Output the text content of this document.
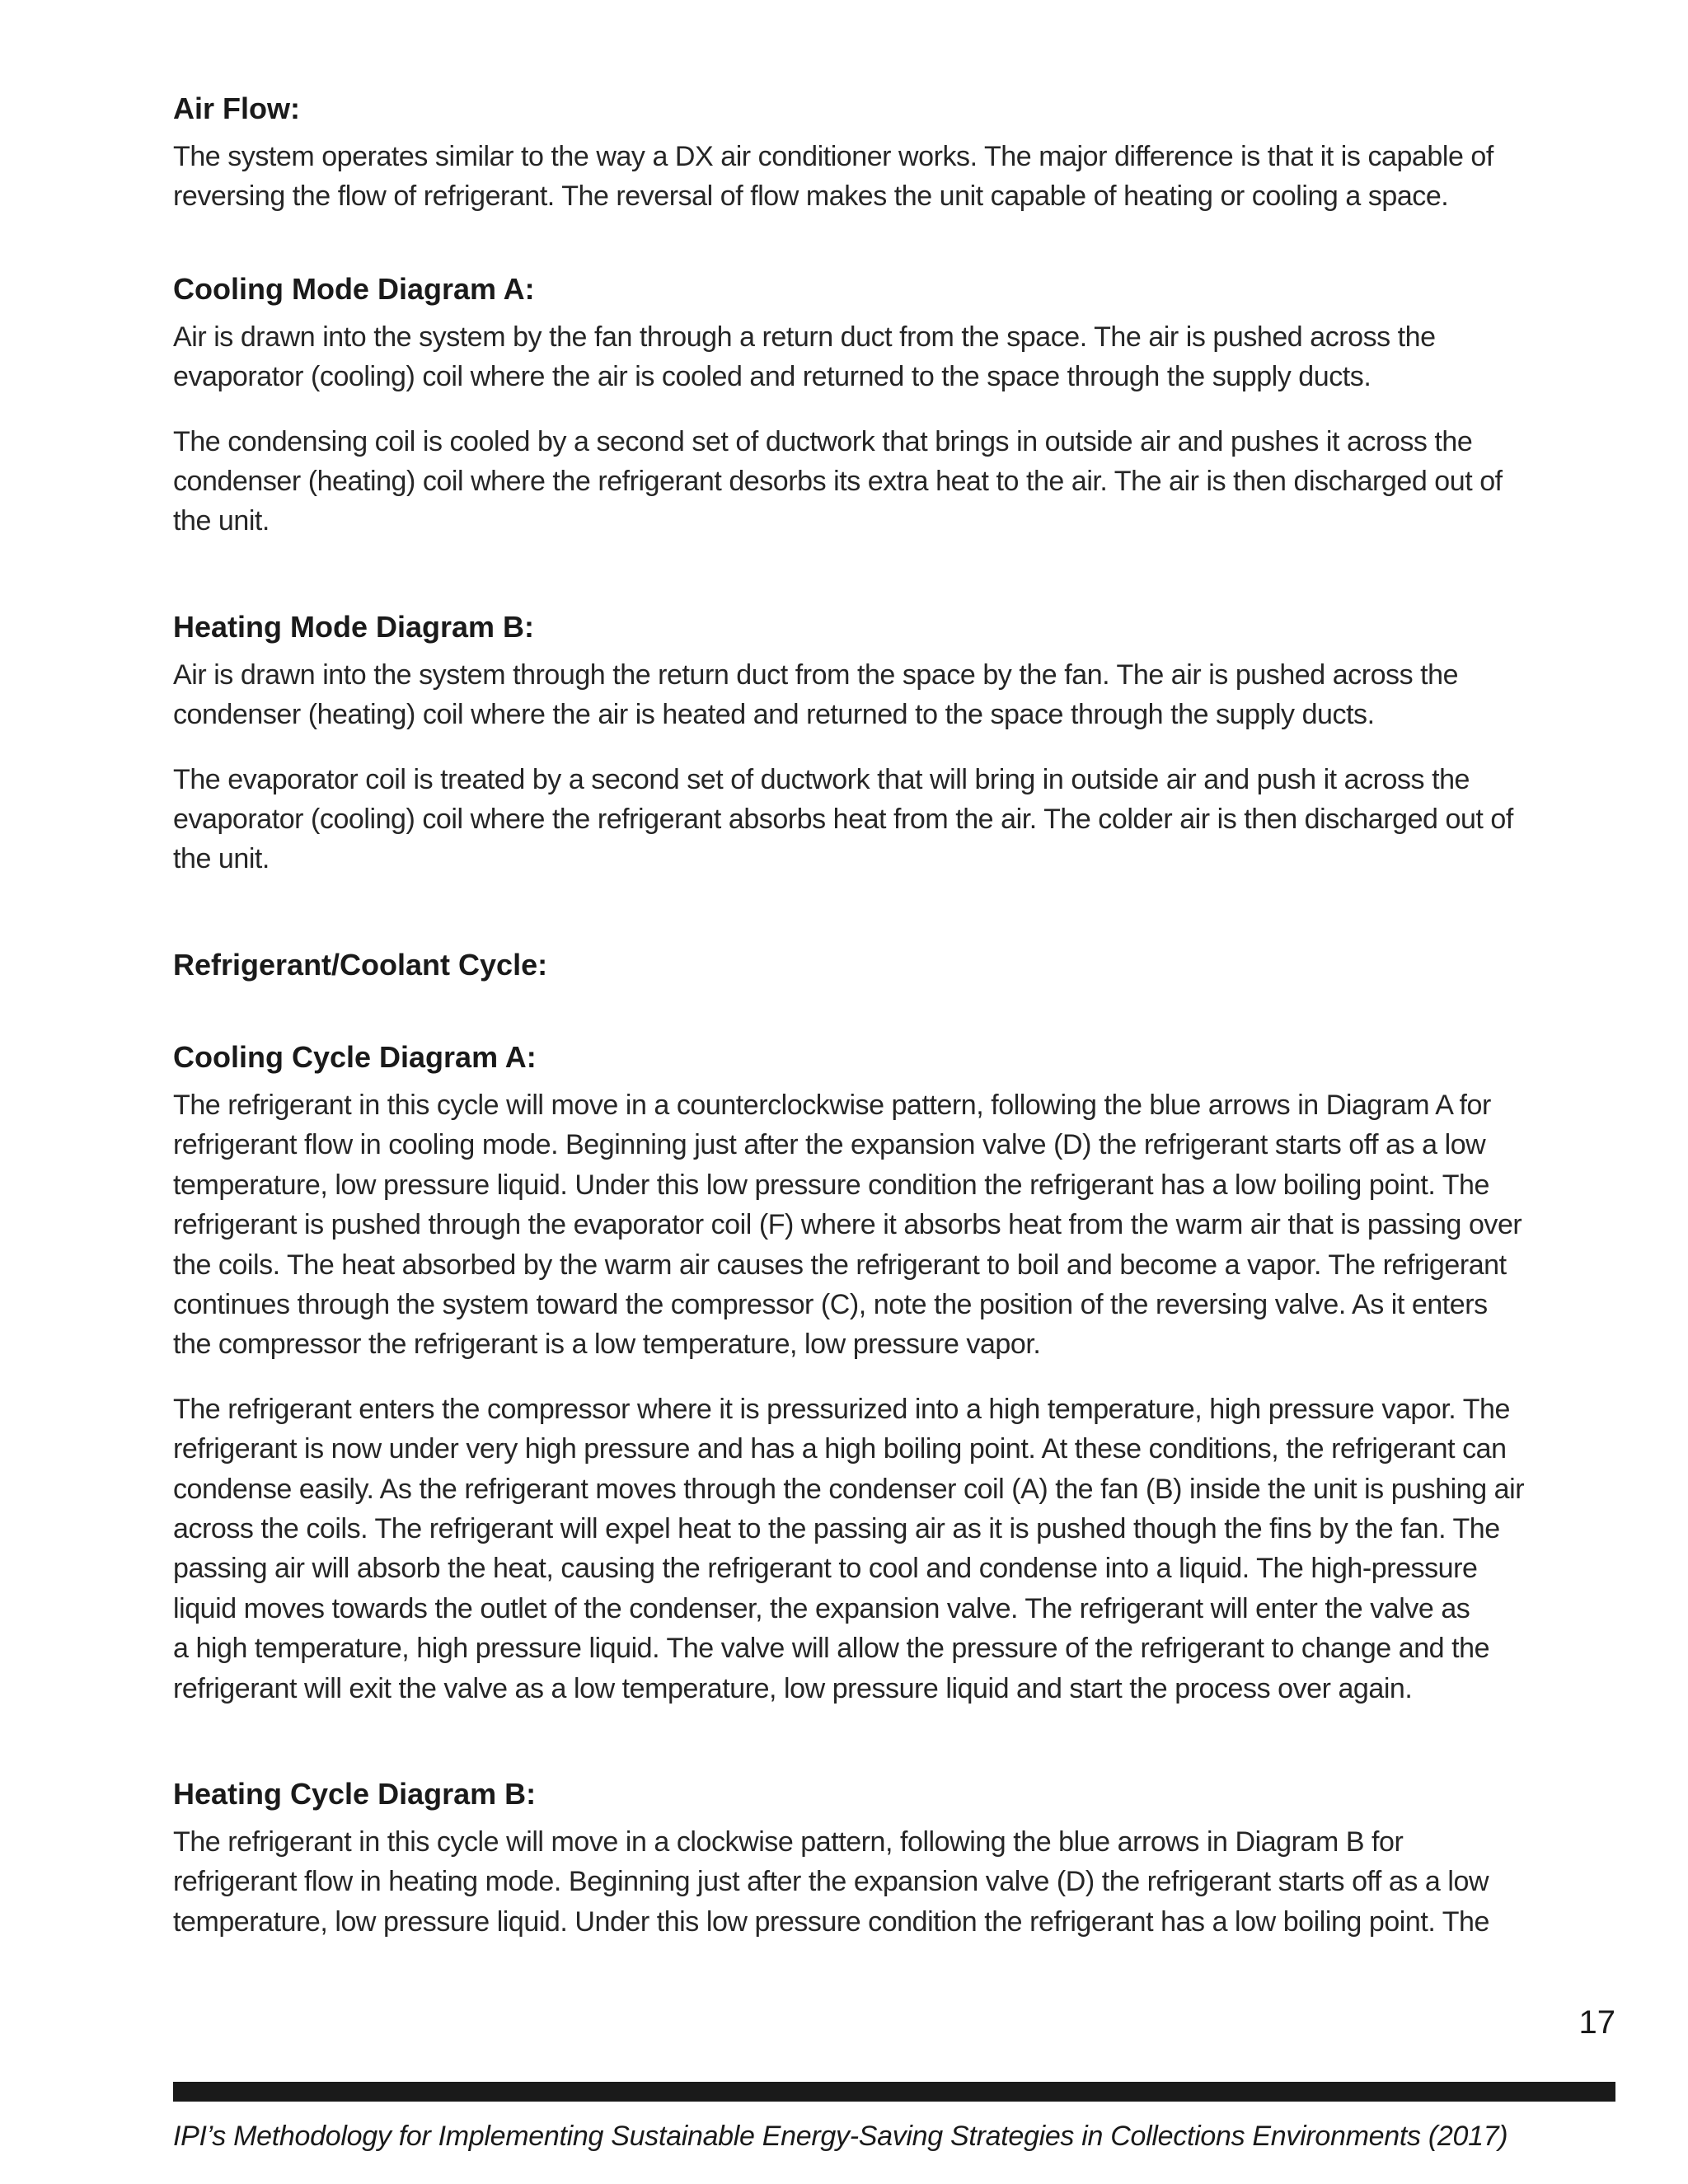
Air Flow:

The system operates similar to the way a DX air conditioner works. The major difference is that it is capable of
reversing the flow of refrigerant. The reversal of flow makes the unit capable of heating or cooling a space.

Cooling Mode Diagram A:

Air is drawn into the system by the fan through a return duct from the space. The air is pushed across the
evaporator (cooling) coil where the air is cooled and returned to the space through the supply ducts.

The condensing coil is cooled by a second set of ductwork that brings in outside air and pushes it across the
condenser (heating) coil where the refrigerant desorbs its extra heat to the air. The air is then discharged out of
the unit.

Heating Mode Diagram B:

Air is drawn into the system through the return duct from the space by the fan. The air is pushed across the
condenser (heating) coil where the air is heated and returned to the space through the supply ducts.

The evaporator coil is treated by a second set of ductwork that will bring in outside air and push it across the
evaporator (cooling) coil where the refrigerant absorbs heat from the air. The colder air is then discharged out of
the unit.

Refrigerant/Coolant Cycle:
Cooling Cycle Diagram A:

The refrigerant in this cycle will move in a counterclockwise pattern, following the blue arrows in Diagram A for
refrigerant flow in cooling mode. Beginning just after the expansion valve (D) the refrigerant starts off as a low
temperature, low pressure liquid. Under this low pressure condition the refrigerant has a low boiling point. The
refrigerant is pushed through the evaporator coil (F) where it absorbs heat from the warm air that is passing over
the coils. The heat absorbed by the warm air causes the refrigerant to boil and become a vapor. The refrigerant
continues through the system toward the compressor (C), note the position of the reversing valve. As it enters
the compressor the refrigerant is a low temperature, low pressure vapor.

The refrigerant enters the compressor where it is pressurized into a high temperature, high pressure vapor. The
refrigerant is now under very high pressure and has a high boiling point. At these conditions, the refrigerant can
condense easily. As the refrigerant moves through the condenser coil (A) the fan (B) inside the unit is pushing air
across the coils. The refrigerant will expel heat to the passing air as it is pushed though the fins by the fan. The
passing air will absorb the heat, causing the refrigerant to cool and condense into a liquid. The high-pressure
liquid moves towards the outlet of the condenser, the expansion valve. The refrigerant will enter the valve as
a high temperature, high pressure liquid. The valve will allow the pressure of the refrigerant to change and the
refrigerant will exit the valve as a low temperature, low pressure liquid and start the process over again.

Heating Cycle Diagram B:

The refrigerant in this cycle will move in a clockwise pattern, following the blue arrows in Diagram B for
refrigerant flow in heating mode. Beginning just after the expansion valve (D) the refrigerant starts off as a low
temperature, low pressure liquid. Under this low pressure condition the refrigerant has a low boiling point. The

17
IPI’s Methodology for Implementing Sustainable Energy-Saving Strategies in Collections Environments (2017)
